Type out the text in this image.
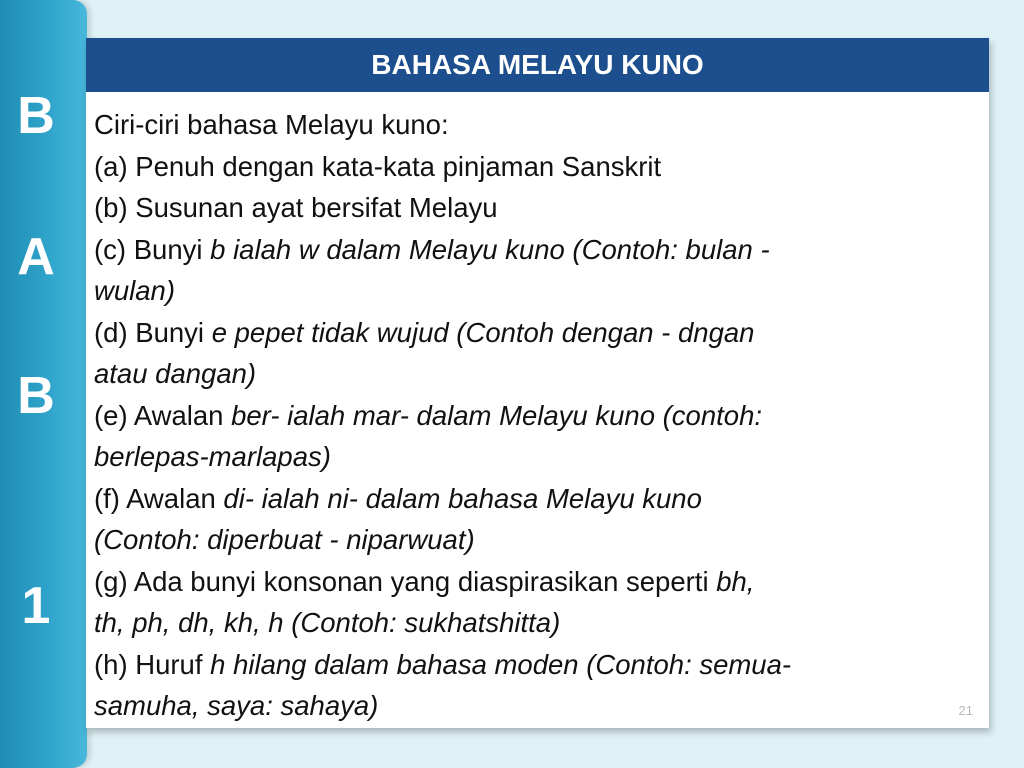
B
A
B
1
BAHASA MELAYU KUNO
Ciri-ciri bahasa Melayu kuno:
(a) Penuh dengan kata-kata pinjaman Sanskrit
(b) Susunan ayat bersifat Melayu
(c) Bunyi b ialah w dalam Melayu kuno (Contoh: bulan -
wulan)
(d) Bunyi e pepet tidak wujud (Contoh dengan - dngan
atau dangan)
(e) Awalan ber- ialah mar- dalam Melayu kuno (contoh:
berlepas-marlapas)
(f) Awalan di- ialah ni- dalam bahasa Melayu kuno
(Contoh: diperbuat - niparwuat)
(g) Ada bunyi konsonan yang diaspirasikan seperti bh,
th, ph, dh, kh, h (Contoh: sukhatshitta)
(h) Huruf h hilang dalam bahasa moden (Contoh: semua-
samuha, saya: sahaya)	21
